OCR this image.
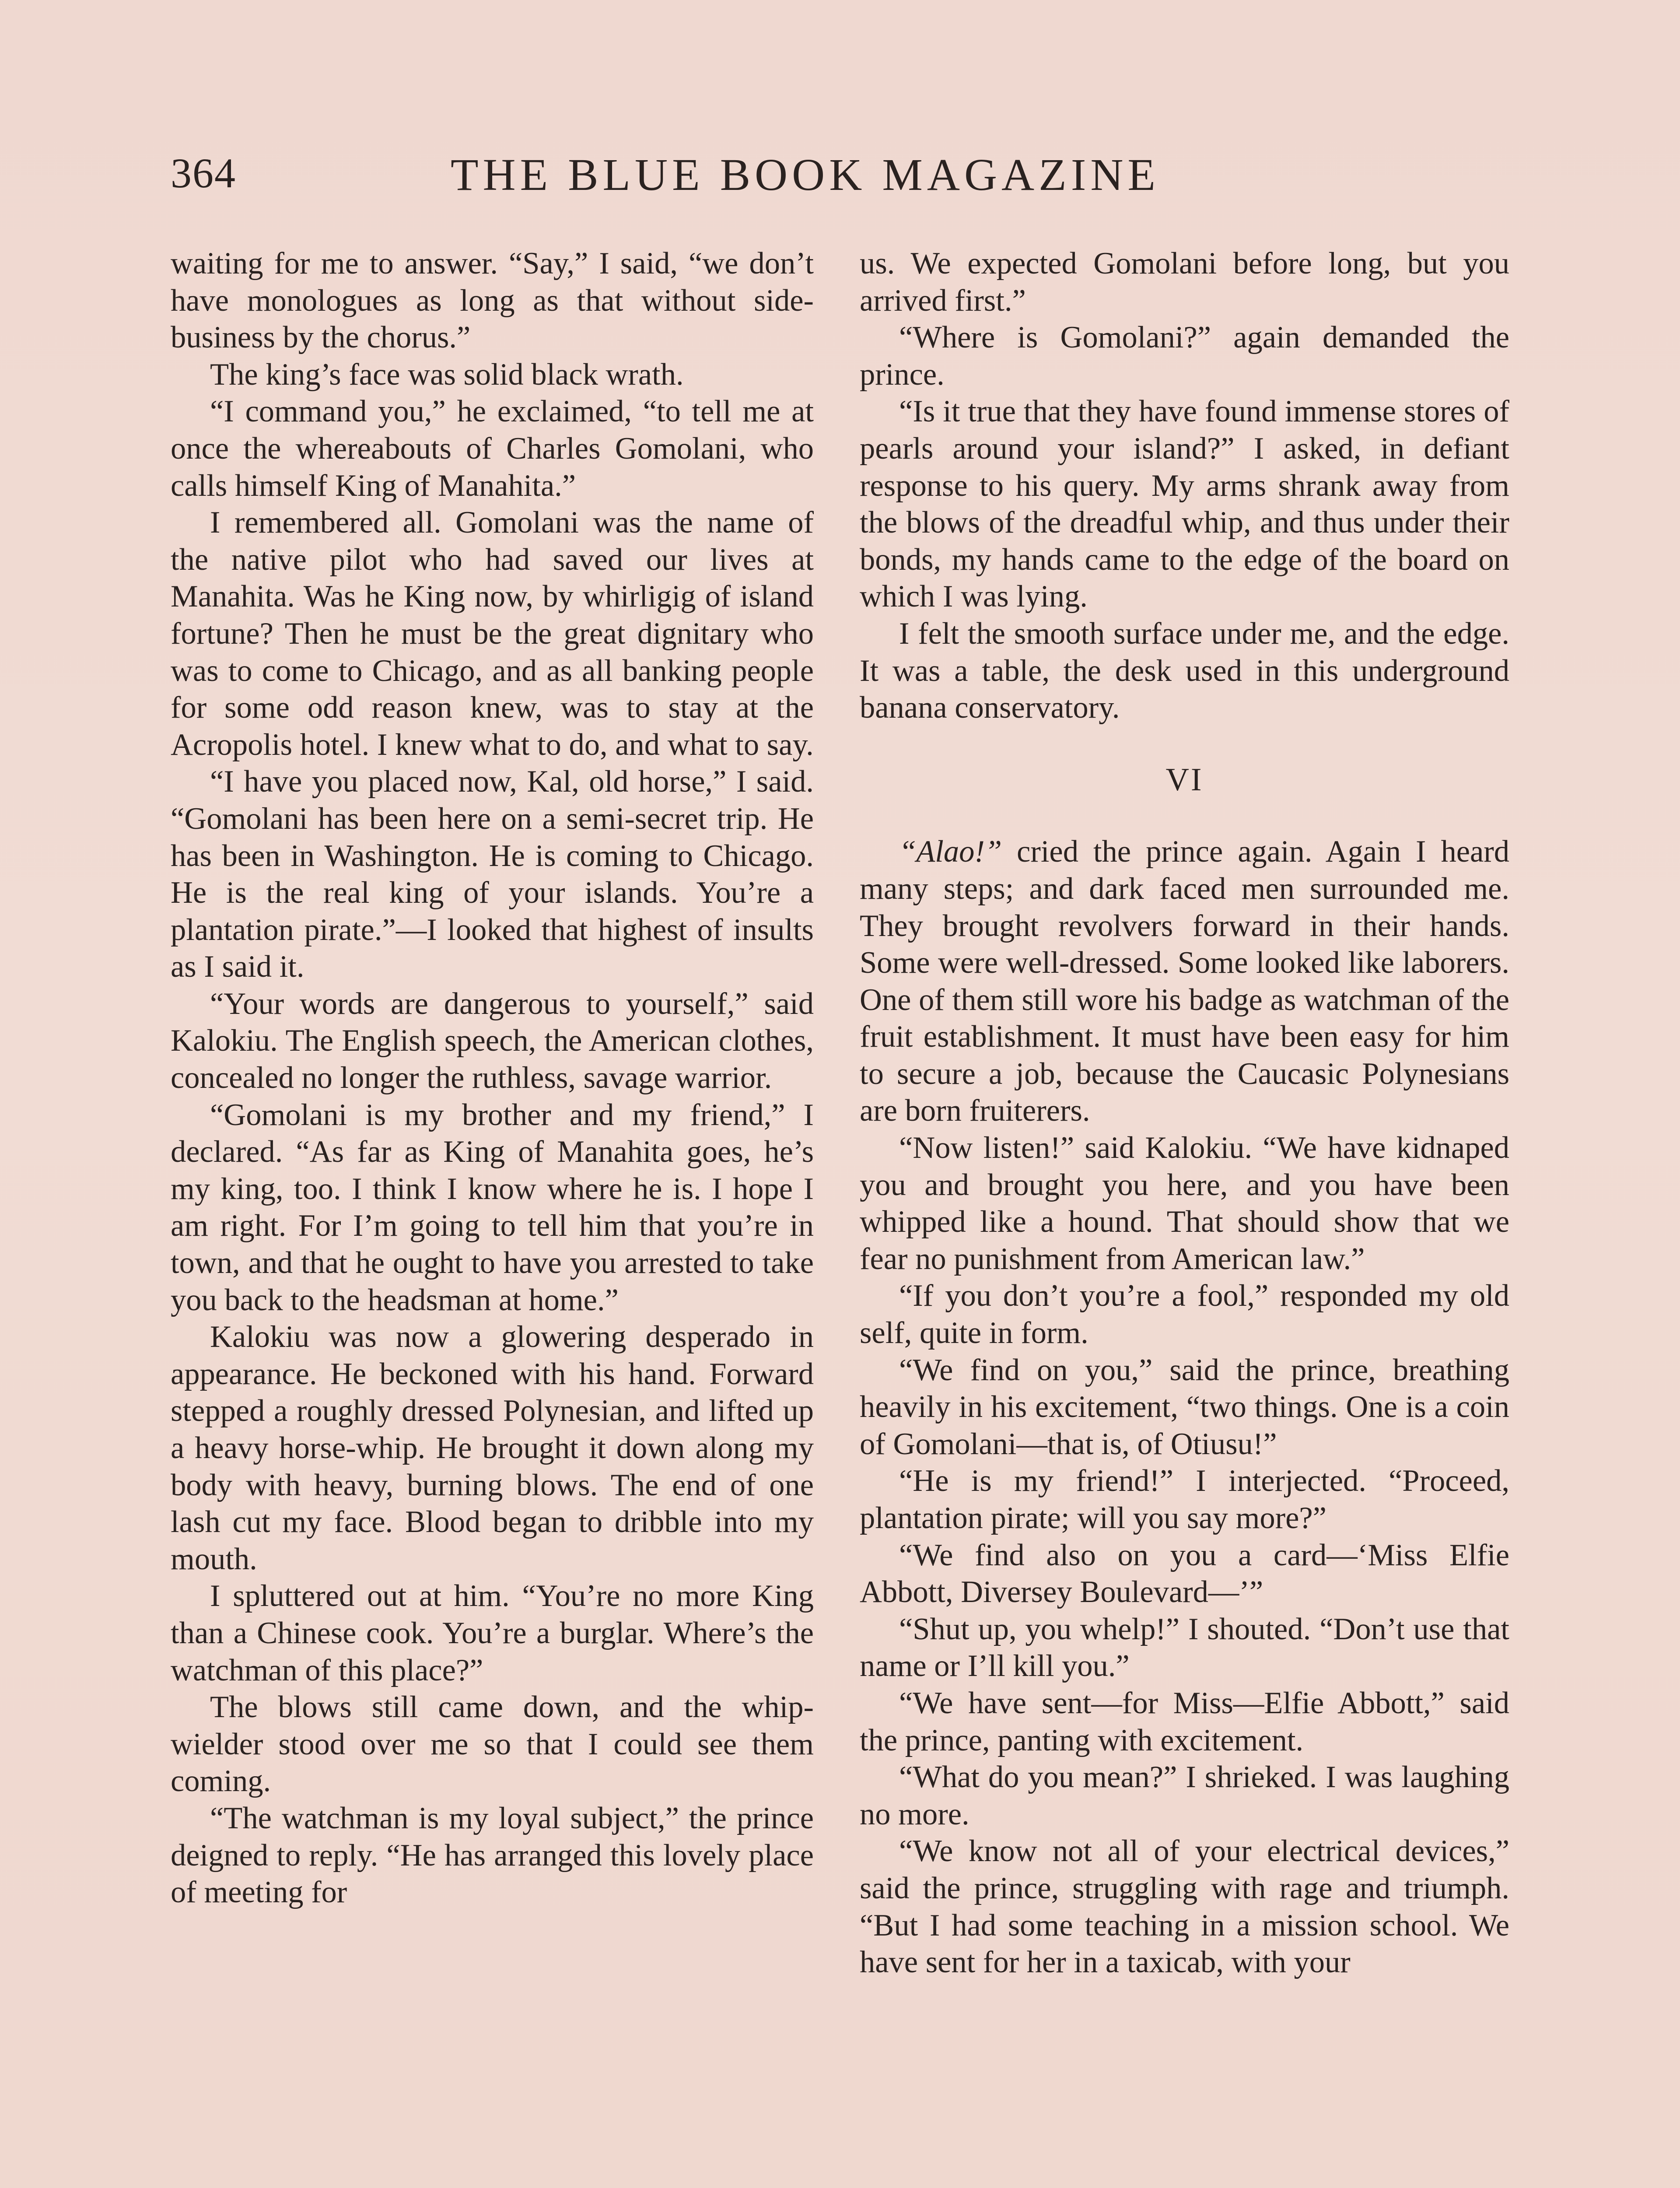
364	THE BLUE BOOK MAGAZINE

waiting for me to answer. “Say,” I said, “we don’t have monologues as long as that without side-business by the chorus.”

The king’s face was solid black wrath.

“I command you,” he exclaimed, “to tell me at once the whereabouts of Charles Gomolani, who calls himself King of Manahita.”

I remembered all. Gomolani was the name of the native pilot who had saved our lives at Manahita. Was he King now, by whirligig of island fortune? Then he must be the great dignitary who was to come to Chicago, and as all banking people for some odd reason knew, was to stay at the Acropolis hotel. I knew what to do, and what to say.

“I have you placed now, Kal, old horse,” I said. “Gomolani has been here on a semi-secret trip. He has been in Washington. He is coming to Chicago. He is the real king of your islands. You’re a plantation pirate.”—I looked that highest of insults as I said it.

“Your words are dangerous to yourself,” said Kalokiu. The English speech, the American clothes, concealed no longer the ruthless, savage warrior.

“Gomolani is my brother and my friend,” I declared. “As far as King of Manahita goes, he’s my king, too. I think I know where he is. I hope I am right. For I’m going to tell him that you’re in town, and that he ought to have you arrested to take you back to the headsman at home.”

Kalokiu was now a glowering desperado in appearance. He beckoned with his hand. Forward stepped a roughly dressed Polynesian, and lifted up a heavy horse-whip. He brought it down along my body with heavy, burning blows. The end of one lash cut my face. Blood began to dribble into my mouth.

I spluttered out at him. “You’re no more King than a Chinese cook. You’re a burglar. Where’s the watchman of this place?”

The blows still came down, and the whip-wielder stood over me so that I could see them coming.

“The watchman is my loyal subject,” the prince deigned to reply. “He has arranged this lovely place of meeting for

us. We expected Gomolani before long, but you arrived first.”

“Where is Gomolani?” again demanded the prince.

“Is it true that they have found immense stores of pearls around your island?” I asked, in defiant response to his query. My arms shrank away from the blows of the dreadful whip, and thus under their bonds, my hands came to the edge of the board on which I was lying.

I felt the smooth surface under me, and the edge. It was a table, the desk used in this underground banana conservatory.

VI

“Alao!” cried the prince again. Again I heard many steps; and dark faced men surrounded me. They brought revolvers forward in their hands. Some were well-dressed. Some looked like laborers. One of them still wore his badge as watchman of the fruit establishment. It must have been easy for him to secure a job, because the Caucasic Polynesians are born fruiterers.

“Now listen!” said Kalokiu. “We have kidnaped you and brought you here, and you have been whipped like a hound. That should show that we fear no punishment from American law.”

“If you don’t you’re a fool,” responded my old self, quite in form.

“We find on you,” said the prince, breathing heavily in his excitement, “two things. One is a coin of Gomolani—that is, of Otiusu!”

“He is my friend!” I interjected. “Proceed, plantation pirate; will you say more?”

“We find also on you a card—‘Miss Elfie Abbott, Diversey Boulevard—’”

“Shut up, you whelp!” I shouted. “Don’t use that name or I’ll kill you.”

“We have sent—for Miss—Elfie Abbott,” said the prince, panting with excitement.

“What do you mean?” I shrieked. I was laughing no more.

“We know not all of your electrical devices,” said the prince, struggling with rage and triumph. “But I had some teaching in a mission school. We have sent for her in a taxicab, with your
